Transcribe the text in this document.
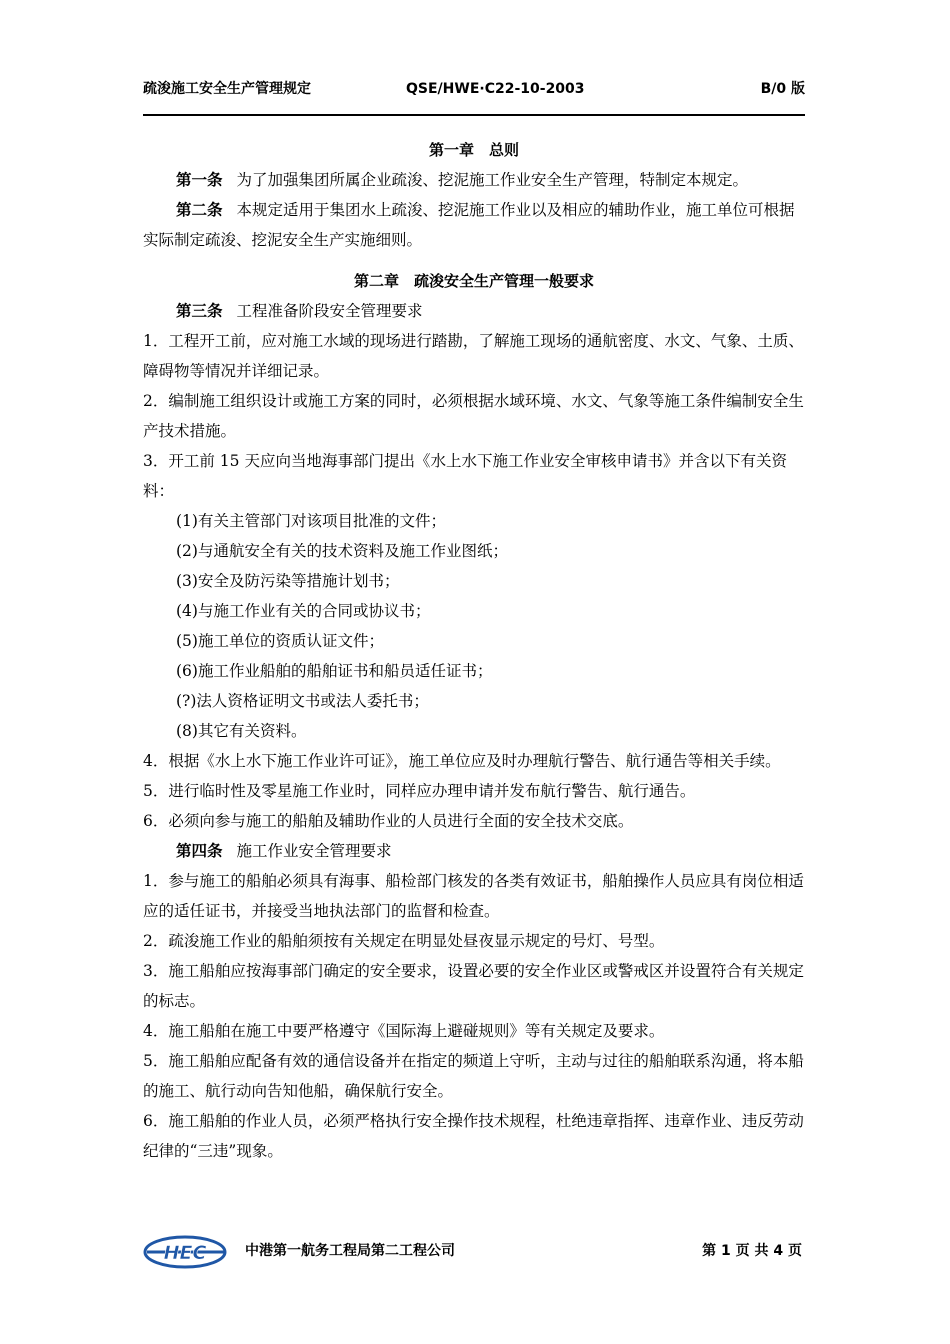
疏浚施工安全生产管理规定	QSE/HWE·C22-10-2003	B/0 版

第一章　总则

第一条 为了加强集团所属企业疏浚、挖泥施工作业安全生产管理，特制定本规定。

第二条 本规定适用于集团水上疏浚、挖泥施工作业以及相应的辅助作业，施工单位可根据实际制定疏浚、挖泥安全生产实施细则。

第二章　疏浚安全生产管理一般要求

第三条 工程准备阶段安全管理要求

1．工程开工前，应对施工水域的现场进行踏勘，了解施工现场的通航密度、水文、气象、土质、障碍物等情况并详细记录。

2．编制施工组织设计或施工方案的同时，必须根据水域环境、水文、气象等施工条件编制安全生产技术措施。

3．开工前 15 天应向当地海事部门提出《水上水下施工作业安全审核申请书》并含以下有关资料：

(1)有关主管部门对该项目批准的文件；

(2)与通航安全有关的技术资料及施工作业图纸；

(3)安全及防污染等措施计划书；

(4)与施工作业有关的合同或协议书；

(5)施工单位的资质认证文件；

(6)施工作业船舶的船舶证书和船员适任证书；

(?)法人资格证明文书或法人委托书；

(8)其它有关资料。

4．根据《水上水下施工作业许可证》，施工单位应及时办理航行警告、航行通告等相关手续。

5．进行临时性及零星施工作业时，同样应办理申请并发布航行警告、航行通告。

6．必须向参与施工的船舶及辅助作业的人员进行全面的安全技术交底。

第四条 施工作业安全管理要求

1．参与施工的船舶必须具有海事、船检部门核发的各类有效证书，船舶操作人员应具有岗位相适应的适任证书，并接受当地执法部门的监督和检查。

2．疏浚施工作业的船舶须按有关规定在明显处昼夜显示规定的号灯、号型。

3．施工船舶应按海事部门确定的安全要求，设置必要的安全作业区或警戒区并设置符合有关规定的标志。

4．施工船舶在施工中要严格遵守《国际海上避碰规则》等有关规定及要求。

5．施工船舶应配备有效的通信设备并在指定的频道上守听，主动与过往的船舶联系沟通，将本船的施工、航行动向告知他船，确保航行安全。

6．施工船舶的作业人员，必须严格执行安全操作技术规程，杜绝违章指挥、违章作业、违反劳动纪律的“三违”现象。

HEC	中港第一航务工程局第二工程公司	第 1 页 共 4 页
